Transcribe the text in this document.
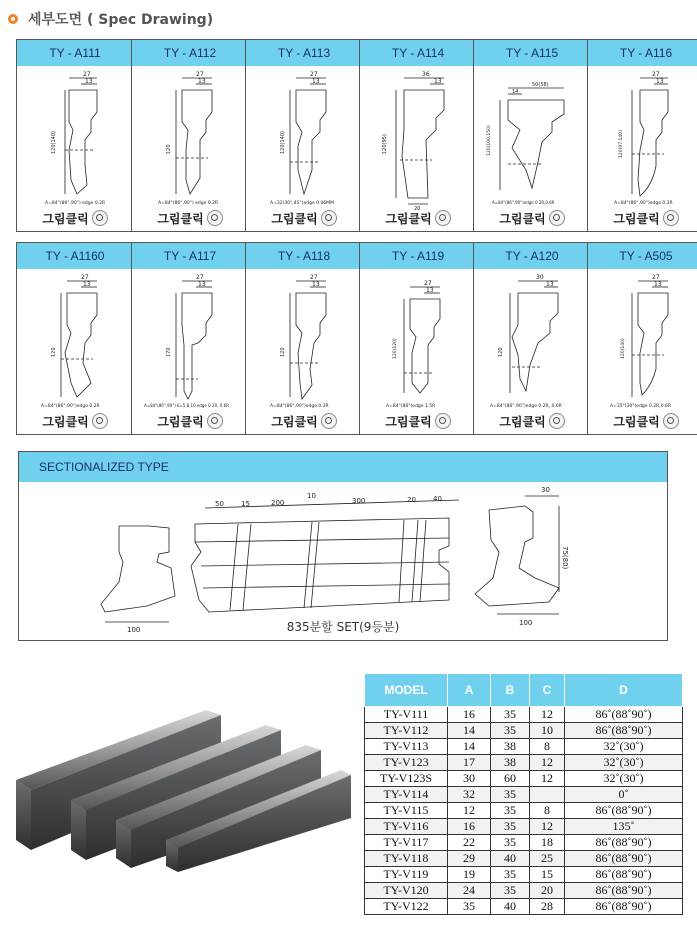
세부도면 ( Spec Drawing)
TY - A111
27
13
120(140)
A=84°(86°,90°) edge 0.2R
그림클릭
TY - A112
27
13
120
A=84°(86°,90°) edge 0.2R
그림클릭
TY - A113
27
13
120(140)
A=32(30°,45°)edge 0.06MM
그림클릭
TY - A114
36
13
120(95)
20
그림클릭
TY - A115
50(58)
14
120(100,150)
A=84°(86°,90°)edge 0.2R,0.6R
그림클릭
TY - A116
27
13
120(97.140)
A=84°(86°,90°)edge 0.2R
그림클릭
TY - A1160
27
13
120
A=84°(86°,90°)edge 0.2R
그림클릭
TY - A117
27
13
170
A=84°(86°,90°) E=5,8,10 edge 0.2R, 0.6R
그림클릭
TY - A118
27
13
120
A=84°(86°,90°)edge 0.2R
그림클릭
TY - A119
27
13
120(120)
A=84°(86°)edge 1.5R
그림클릭
TY - A120
30
13
120
A=84°(86°,90°)edge 0.2R, 0.6R
그림클릭
TY - A505
27
13
120(140)
A=35°(30°)edge 0.2R,0.6R
그림클릭
SECTIONALIZED TYPE
50 15	200
10
300	20 40
100
30
75(80)
100
835분할 SET(9등분)
MODEL	A	B	C	D
TY-V111	16	35	12	86˚(88˚90˚)
TY-V112	14	35	10	86˚(88˚90˚)
TY-V113	14	38	8	32˚(30˚)
TY-V123	17	38	12	32˚(30˚)
TY-V123S	30	60	12	32˚(30˚)
TY-V114	32	35		0˚
TY-V115	12	35	8	86˚(88˚90˚)
TY-V116	16	35	12	135˚
TY-V117	22	35	18	86˚(88˚90˚)
TY-V118	29	40	25	86˚(88˚90˚)
TY-V119	19	35	15	86˚(88˚90˚)
TY-V120	24	35	20	86˚(88˚90˚)
TY-V122	35	40	28	86˚(88˚90˚)
